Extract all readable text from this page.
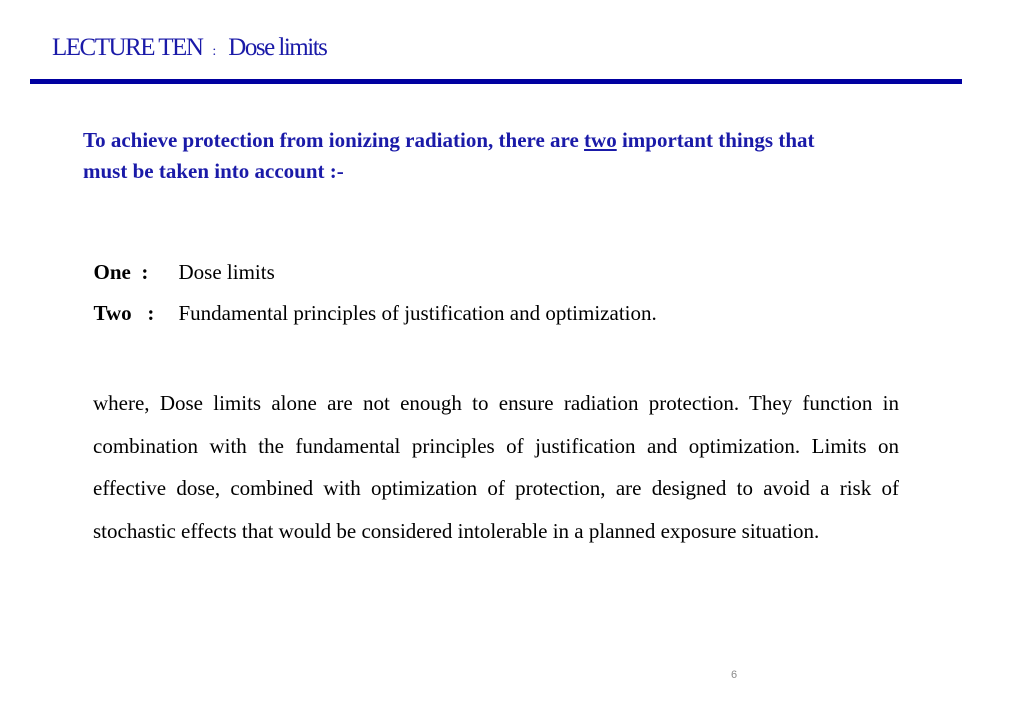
LECTURE TEN : Dose limits
To achieve protection from ionizing radiation, there are two important things that must be taken into account :-

One  : Dose limits

Two   : Fundamental principles of justification and optimization.

where, Dose limits alone are not enough to ensure radiation protection. They function in combination with the fundamental principles of justification and optimization. Limits on effective dose, combined with optimization of protection, are designed to avoid a risk of stochastic effects that would be considered intolerable in a planned exposure situation.
6
